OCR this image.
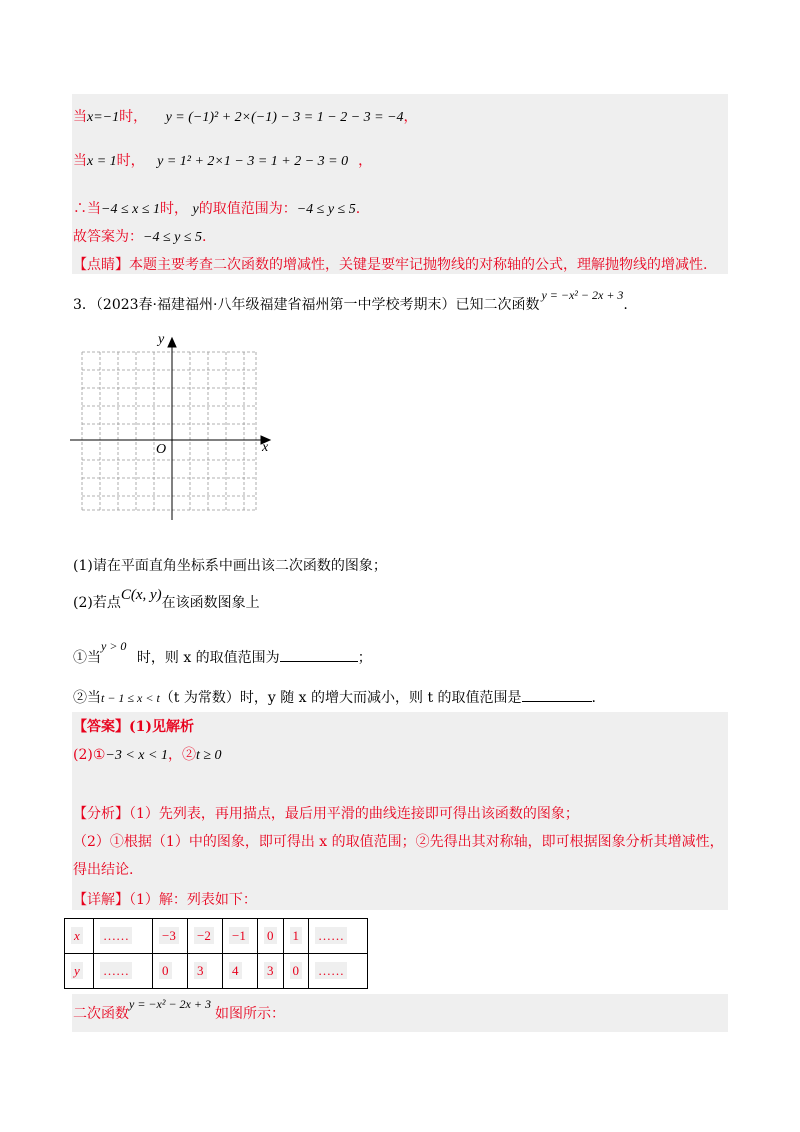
当x=−1时， y = (−1)² + 2×(−1) − 3 = 1 − 2 − 3 = −4，
当x = 1时， y = 1² + 2×1 − 3 = 1 + 2 − 3 = 0 ，
∴当−4 ≤ x ≤ 1时， y的取值范围为：−4 ≤ y ≤ 5.
故答案为：−4 ≤ y ≤ 5.
【点睛】本题主要考查二次函数的增减性，关键是要牢记抛物线的对称轴的公式，理解抛物线的增减性.
3．（2023春·福建福州·八年级福建省福州第一中学校考期末）已知二次函数y = −x² − 2x + 3.
y
x
O
(1)请在平面直角坐标系中画出该二次函数的图象；
(2)若点C(x, y)在该函数图象上
①当y > 0 时，则 x 的取值范围为	；
②当t − 1 ≤ x < t（t 为常数）时，y 随 x 的增大而减小，则 t 的取值范围是	.
【答案】(1)见解析
(2)①−3 < x < 1，②t ≥ 0
【分析】（1）先列表，再用描点，最后用平滑的曲线连接即可得出该函数的图象；
（2）①根据（1）中的图象，即可得出 x 的取值范围；②先得出其对称轴，即可根据图象分析其增减性，
得出结论.
【详解】（1）解：列表如下：
x	……	−3	−2	−1	0	1	……
y	……	0	3	4	3	0	……
二次函数y = −x² − 2x + 3如图所示：
